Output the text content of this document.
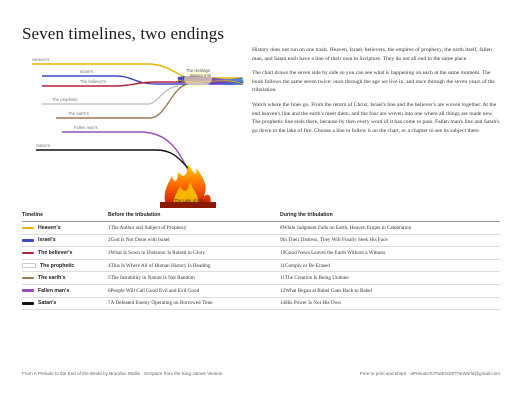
Seven timelines, two endings
Heaven's
Israel's
The believer's
The prophetic
The earth's
Fallen man's
Satan's
The Heritage
Woven Into
The Lake of Fire

History does not run on one track. Heaven, Israel, believers, the empires of prophecy, the earth itself, fallen man, and Satan each have a line of their own in Scripture. They do not all end in the same place.

The chart draws the seven side by side so you can see what is happening on each at the same moment. The book follows the same seven twice: once through the age we live in, and once through the seven years of the tribulation.

Watch where the lines go. From the return of Christ, Israel's line and the believer's are woven together. At the end heaven's line and the earth's meet them, and the four are woven into one where all things are made new. The prophetic line ends there, because by then every word of it has come to pass. Fallen man's line and Satan's go down to the lake of fire. Choose a line to follow it on the chart, or a chapter to see its subject there.

Timeline	Before the tribulation	During the tribulation
Heaven's	1The Author and Subject of Prophecy	8While Judgment Falls on Earth, Heaven Erupts in Celebration
Israel's	2God Is Not Done with Israel	9In Their Distress, They Will Finally Seek His Face
The believer's	3What Is Sown in Dishonor Is Raised in Glory	10Good News Leaves the Earth Without a Witness
The prophetic	4This Is Where All of Human History Is Heading	11Comply or Be Erased
The earth's	5The Instability in Nature Is Not Random	11The Creation Is Being Undone
Fallen man's	6People Will Call Good Evil and Evil Good	12What Began at Babel Goes Back to Babel
Satan's	7A Defeated Enemy Operating on Borrowed Time	14His Power Is Not His Own
From A Prelude to the End of the World by Brandon Wallis · Scripture from the King James Version	Free to print and share · aPreludeToTheEndOfTheWorld@gmail.com
